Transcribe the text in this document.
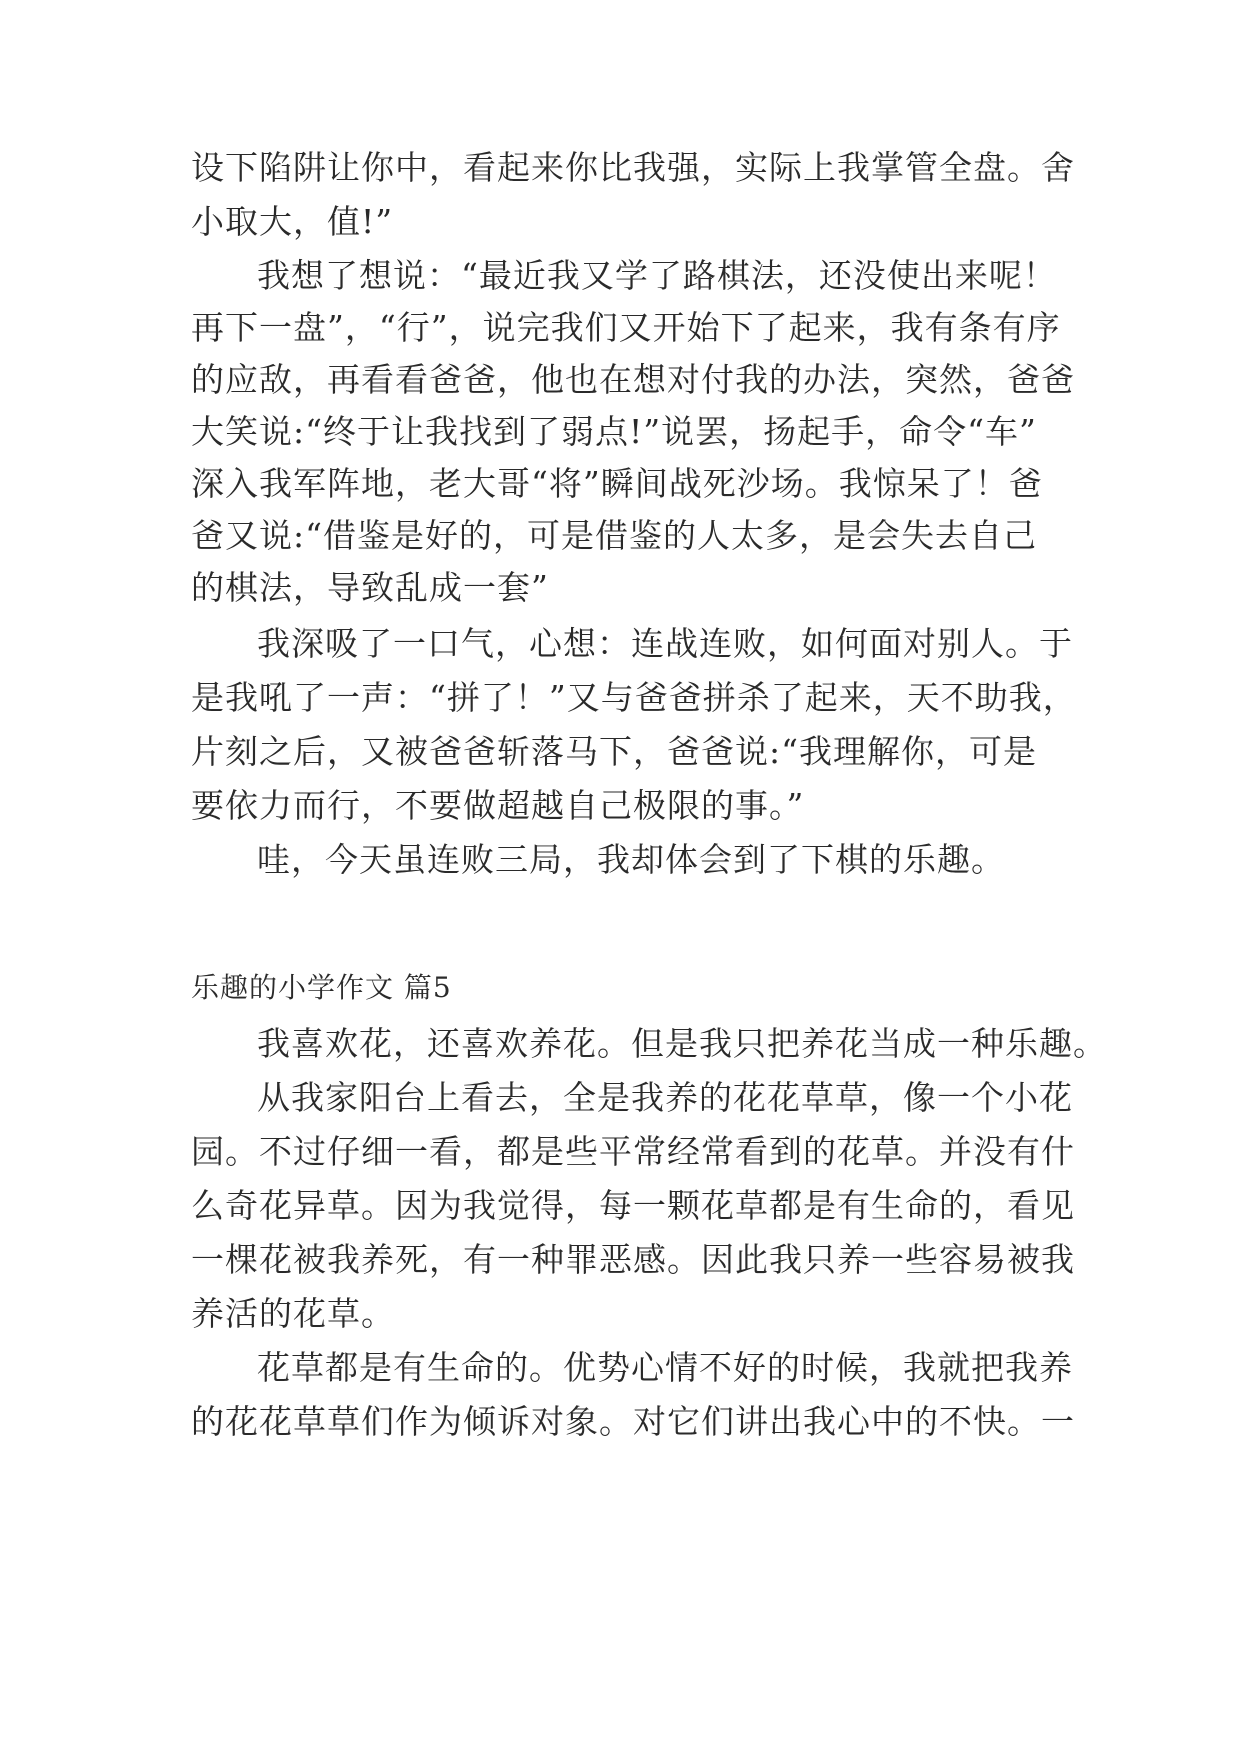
设下陷阱让你中，看起来你比我强，实际上我掌管全盘。舍
小取大，值!”
我想了想说：“最近我又学了路棋法，还没使出来呢！
再下一盘”，“行”，说完我们又开始下了起来，我有条有序
的应敌，再看看爸爸，他也在想对付我的办法，突然，爸爸
大笑说:“终于让我找到了弱点!”说罢，扬起手，命令“车”
深入我军阵地，老大哥“将”瞬间战死沙场。我惊呆了！爸
爸又说:“借鉴是好的，可是借鉴的人太多，是会失去自己
的棋法，导致乱成一套”
我深吸了一口气，心想：连战连败，如何面对别人。于
是我吼了一声：“拼了！”又与爸爸拼杀了起来，天不助我，
片刻之后，又被爸爸斩落马下，爸爸说:“我理解你，可是
要依力而行，不要做超越自己极限的事。”
哇，今天虽连败三局，我却体会到了下棋的乐趣。
乐趣的小学作文 篇5
我喜欢花，还喜欢养花。但是我只把养花当成一种乐趣。
从我家阳台上看去，全是我养的花花草草，像一个小花
园。不过仔细一看，都是些平常经常看到的花草。并没有什
么奇花异草。因为我觉得，每一颗花草都是有生命的，看见
一棵花被我养死，有一种罪恶感。因此我只养一些容易被我
养活的花草。
花草都是有生命的。优势心情不好的时候，我就把我养
的花花草草们作为倾诉对象。对它们讲出我心中的不快。一
